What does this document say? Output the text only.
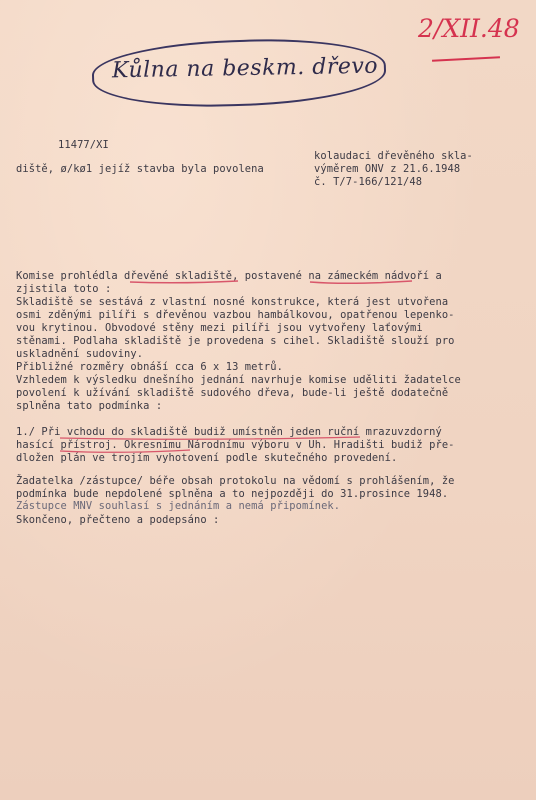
Kůlna na beskm. dřevo
2/XII.48
11477/XI
kolaudaci dřevěného skla-
diště, ø/kø1 jejíž stavba byla povolena	výměrem ONV z 21.6.1948
č. T/7-166/121/48
Komise prohlédla dřevěné skladiště, postavené na zámeckém nádvoří a
zjistila toto :
Skladiště se sestává z vlastní nosné konstrukce, která jest utvořena
osmi zděnými pilíři s dřevěnou vazbou hambálkovou, opatřenou lepenko-
vou krytinou. Obvodové stěny mezi pilíři jsou vytvořeny laťovými
stěnami. Podlaha skladiště je provedena s cihel. Skladiště slouží pro
uskladnění sudoviny.
Přibližné rozměry obnáší cca 6 x 13 metrů.
Vzhledem k výsledku dnešního jednání navrhuje komise uděliti žadatelce
povolení k užívání skladiště sudového dřeva, bude-li ještě dodatečně
splněna tato podmínka :
1./ Při vchodu do skladiště budiž umístněn jeden ruční mrazuvzdorný
hasící přístroj. Okresnímu Národnímu výboru v Uh. Hradišti budiž pře-
dložen plán ve trojím vyhotovení podle skutečného provedení.
Žadatelka /zástupce/ béře obsah protokolu na vědomí s prohlášením, že
podmínka bude nepdolené splněna a to nejpozději do 31.prosince 1948.
Zástupce MNV souhlasí s jednáním a nemá připomínek.
Skončeno, přečteno a podepsáno :
